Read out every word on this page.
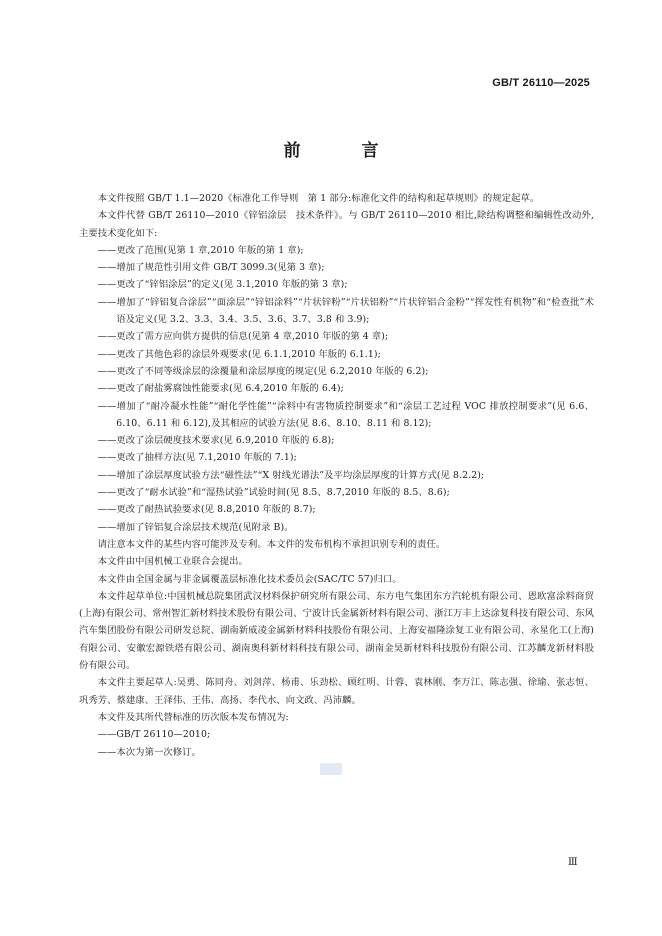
GB/T 26110—2025
前　言

本文件按照 GB/T 1.1—2020《标准化工作导则　第 1 部分:标准化文件的结构和起草规则》的规定起草。

本文件代替 GB/T 26110—2010《锌铝涂层　技术条件》。与 GB/T 26110—2010 相比,除结构调整和编辑性改动外,主要技术变化如下:

——更改了范围(见第 1 章,2010 年版的第 1 章);
——增加了规范性引用文件 GB/T 3099.3(见第 3 章);
——更改了“锌铝涂层”的定义(见 3.1,2010 年版的第 3 章);
——增加了“锌铝复合涂层”“面涂层”“锌铝涂料”“片状锌粉”“片状铝粉”“片状锌铝合金粉”“挥发性有机物”和“检查批”术语及定义(见 3.2、3.3、3.4、3.5、3.6、3.7、3.8 和 3.9);
——更改了需方应向供方提供的信息(见第 4 章,2010 年版的第 4 章);
——更改了其他色彩的涂层外观要求(见 6.1.1,2010 年版的 6.1.1);
——更改了不同等级涂层的涂覆量和涂层厚度的规定(见 6.2,2010 年版的 6.2);
——更改了耐盐雾腐蚀性能要求(见 6.4,2010 年版的 6.4);
——增加了“耐冷凝水性能”“耐化学性能”“涂料中有害物质控制要求”和“涂层工艺过程 VOC 排放控制要求”(见 6.6、6.10、6.11 和 6.12),及其相应的试验方法(见 8.6、8.10、8.11 和 8.12);
——更改了涂层硬度技术要求(见 6.9,2010 年版的 6.8);
——更改了抽样方法(见 7.1,2010 年版的 7.1);
——增加了涂层厚度试验方法“磁性法”“X 射线光谱法”及平均涂层厚度的计算方式(见 8.2.2);
——更改了“耐水试验”和“湿热试验”试验时间(见 8.5、8.7,2010 年版的 8.5、8.6);
——更改了耐热试验要求(见 8.8,2010 年版的 8.7);
——增加了锌铝复合涂层技术规范(见附录 B)。

请注意本文件的某些内容可能涉及专利。本文件的发布机构不承担识别专利的责任。

本文件由中国机械工业联合会提出。

本文件由全国金属与非金属覆盖层标准化技术委员会(SAC/TC 57)归口。

本文件起草单位:中国机械总院集团武汉材料保护研究所有限公司、东方电气集团东方汽轮机有限公司、恩欧富涂料商贸(上海)有限公司、常州智汇新材料技术股份有限公司、宁波计氏金属新材料有限公司、浙江万丰上达涂复科技有限公司、东风汽车集团股份有限公司研发总院、湖南新威凌金属新材料科技股份有限公司、上海安福隆涂复工业有限公司、永星化工(上海)有限公司、安徽宏源铁塔有限公司、湖南奥科新材料科技有限公司、湖南金昊新材料科技股份有限公司、江苏麟龙新材料股份有限公司。

本文件主要起草人:吴勇、陈同舟、刘剑萍、杨甫、乐劲松、顾红明、计蓉、袁林刚、李万江、陈志强、徐瑜、张志恒、巩秀芳、蔡建康、王泽伟、王伟、高扬、李代水、向文政、冯沛麟。

本文件及其所代替标准的历次版本发布情况为:

——GB/T 26110—2010;
——本次为第一次修订。
Ⅲ
